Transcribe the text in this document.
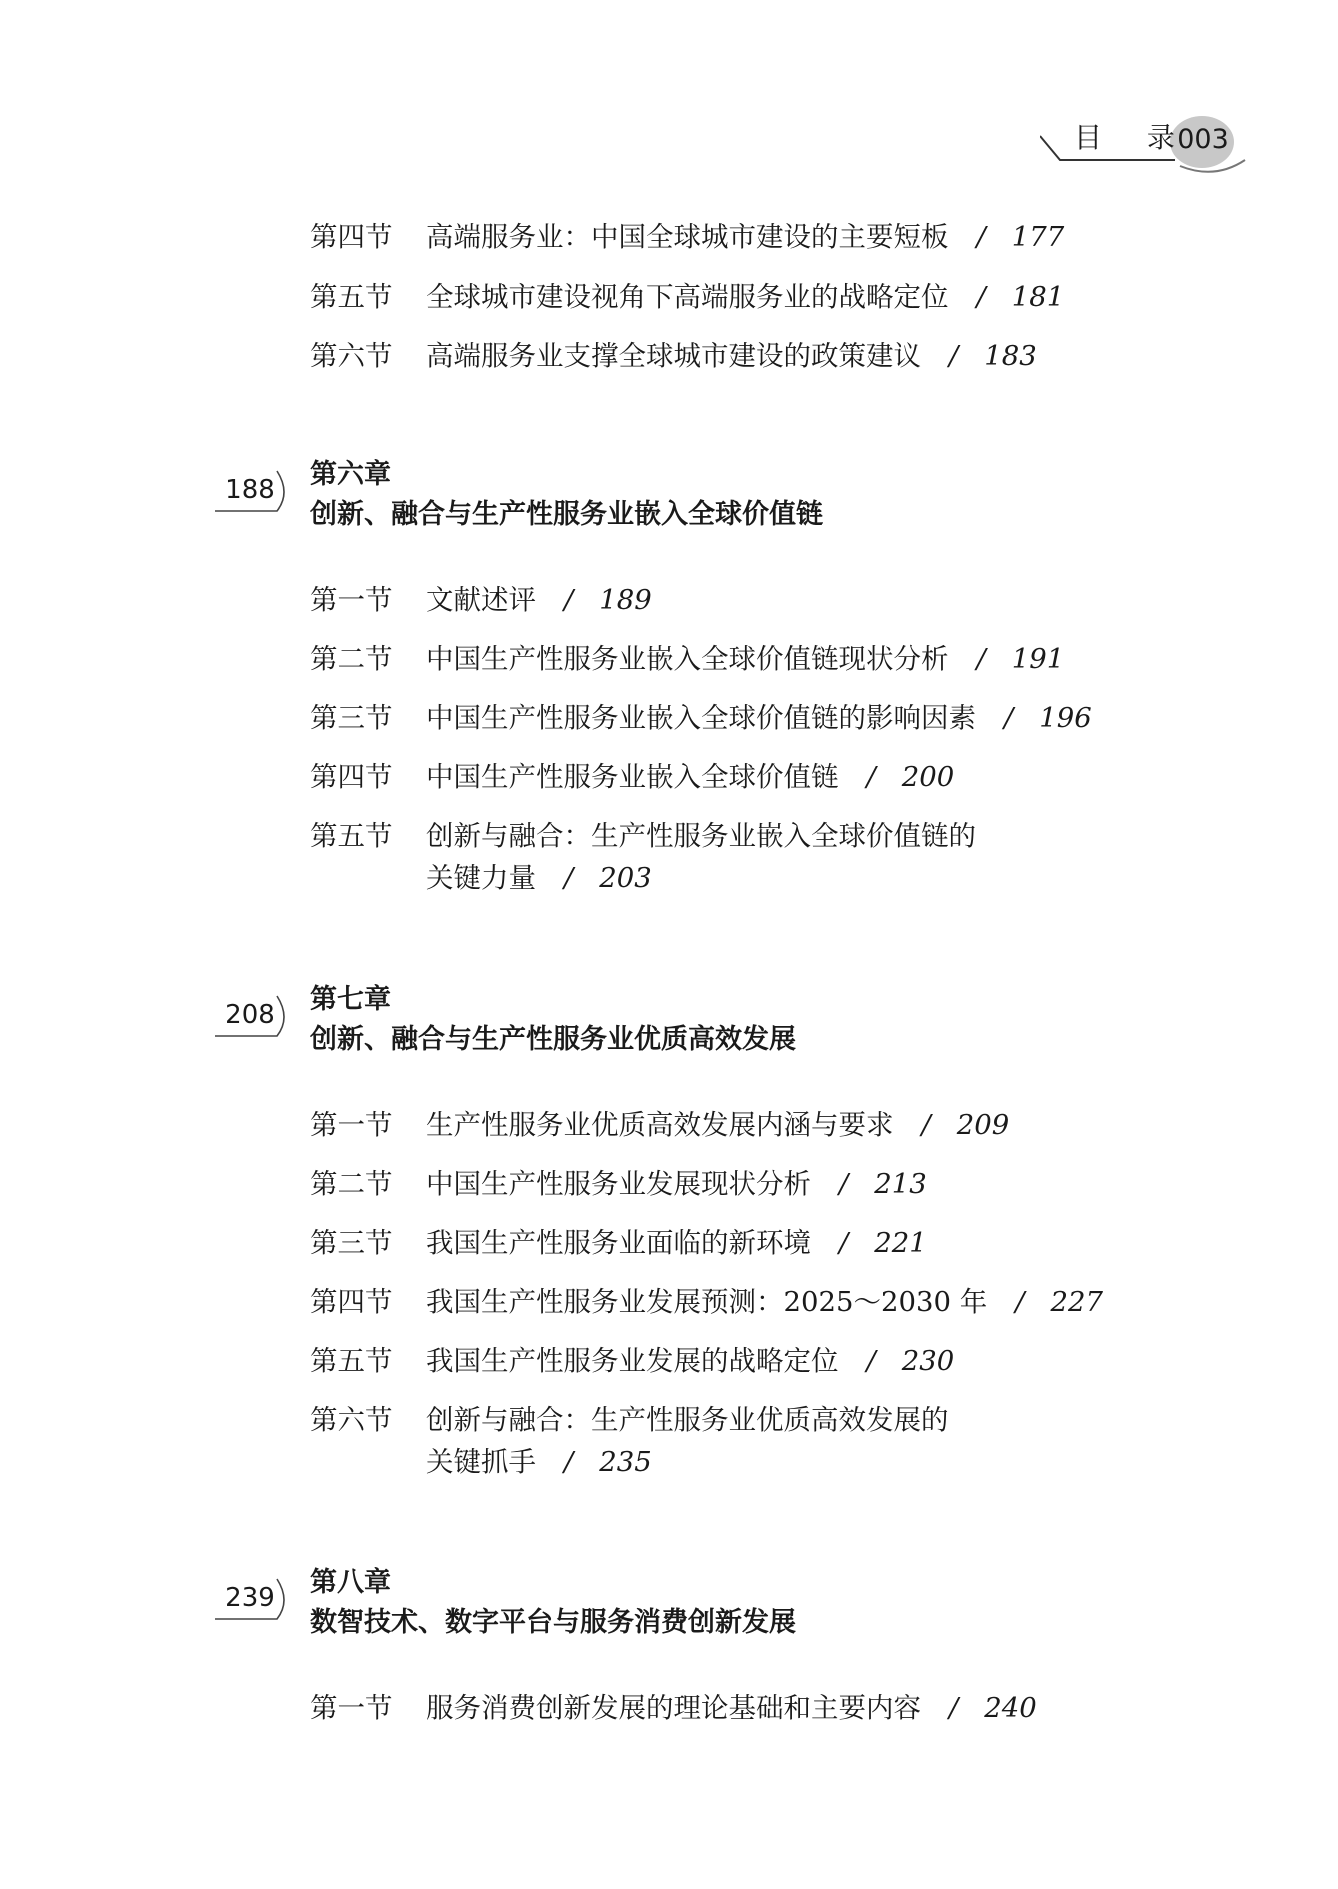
目 录
003
第四节 高端服务业：中国全球城市建设的主要短板 / 177
第五节 全球城市建设视角下高端服务业的战略定位 / 181
第六节 高端服务业支撑全球城市建设的政策建议 / 183
188	第六章
创新、融合与生产性服务业嵌入全球价值链
第一节 文献述评 / 189
第二节 中国生产性服务业嵌入全球价值链现状分析 / 191
第三节 中国生产性服务业嵌入全球价值链的影响因素 / 196
第四节 中国生产性服务业嵌入全球价值链 / 200
第五节 创新与融合：生产性服务业嵌入全球价值链的
关键力量 / 203
208	第七章
创新、融合与生产性服务业优质高效发展
第一节 生产性服务业优质高效发展内涵与要求 / 209
第二节 中国生产性服务业发展现状分析 / 213
第三节 我国生产性服务业面临的新环境 / 221
第四节 我国生产性服务业发展预测：2025～2030 年 / 227
第五节 我国生产性服务业发展的战略定位 / 230
第六节 创新与融合：生产性服务业优质高效发展的
关键抓手 / 235
239	第八章
数智技术、数字平台与服务消费创新发展
第一节 服务消费创新发展的理论基础和主要内容 / 240
